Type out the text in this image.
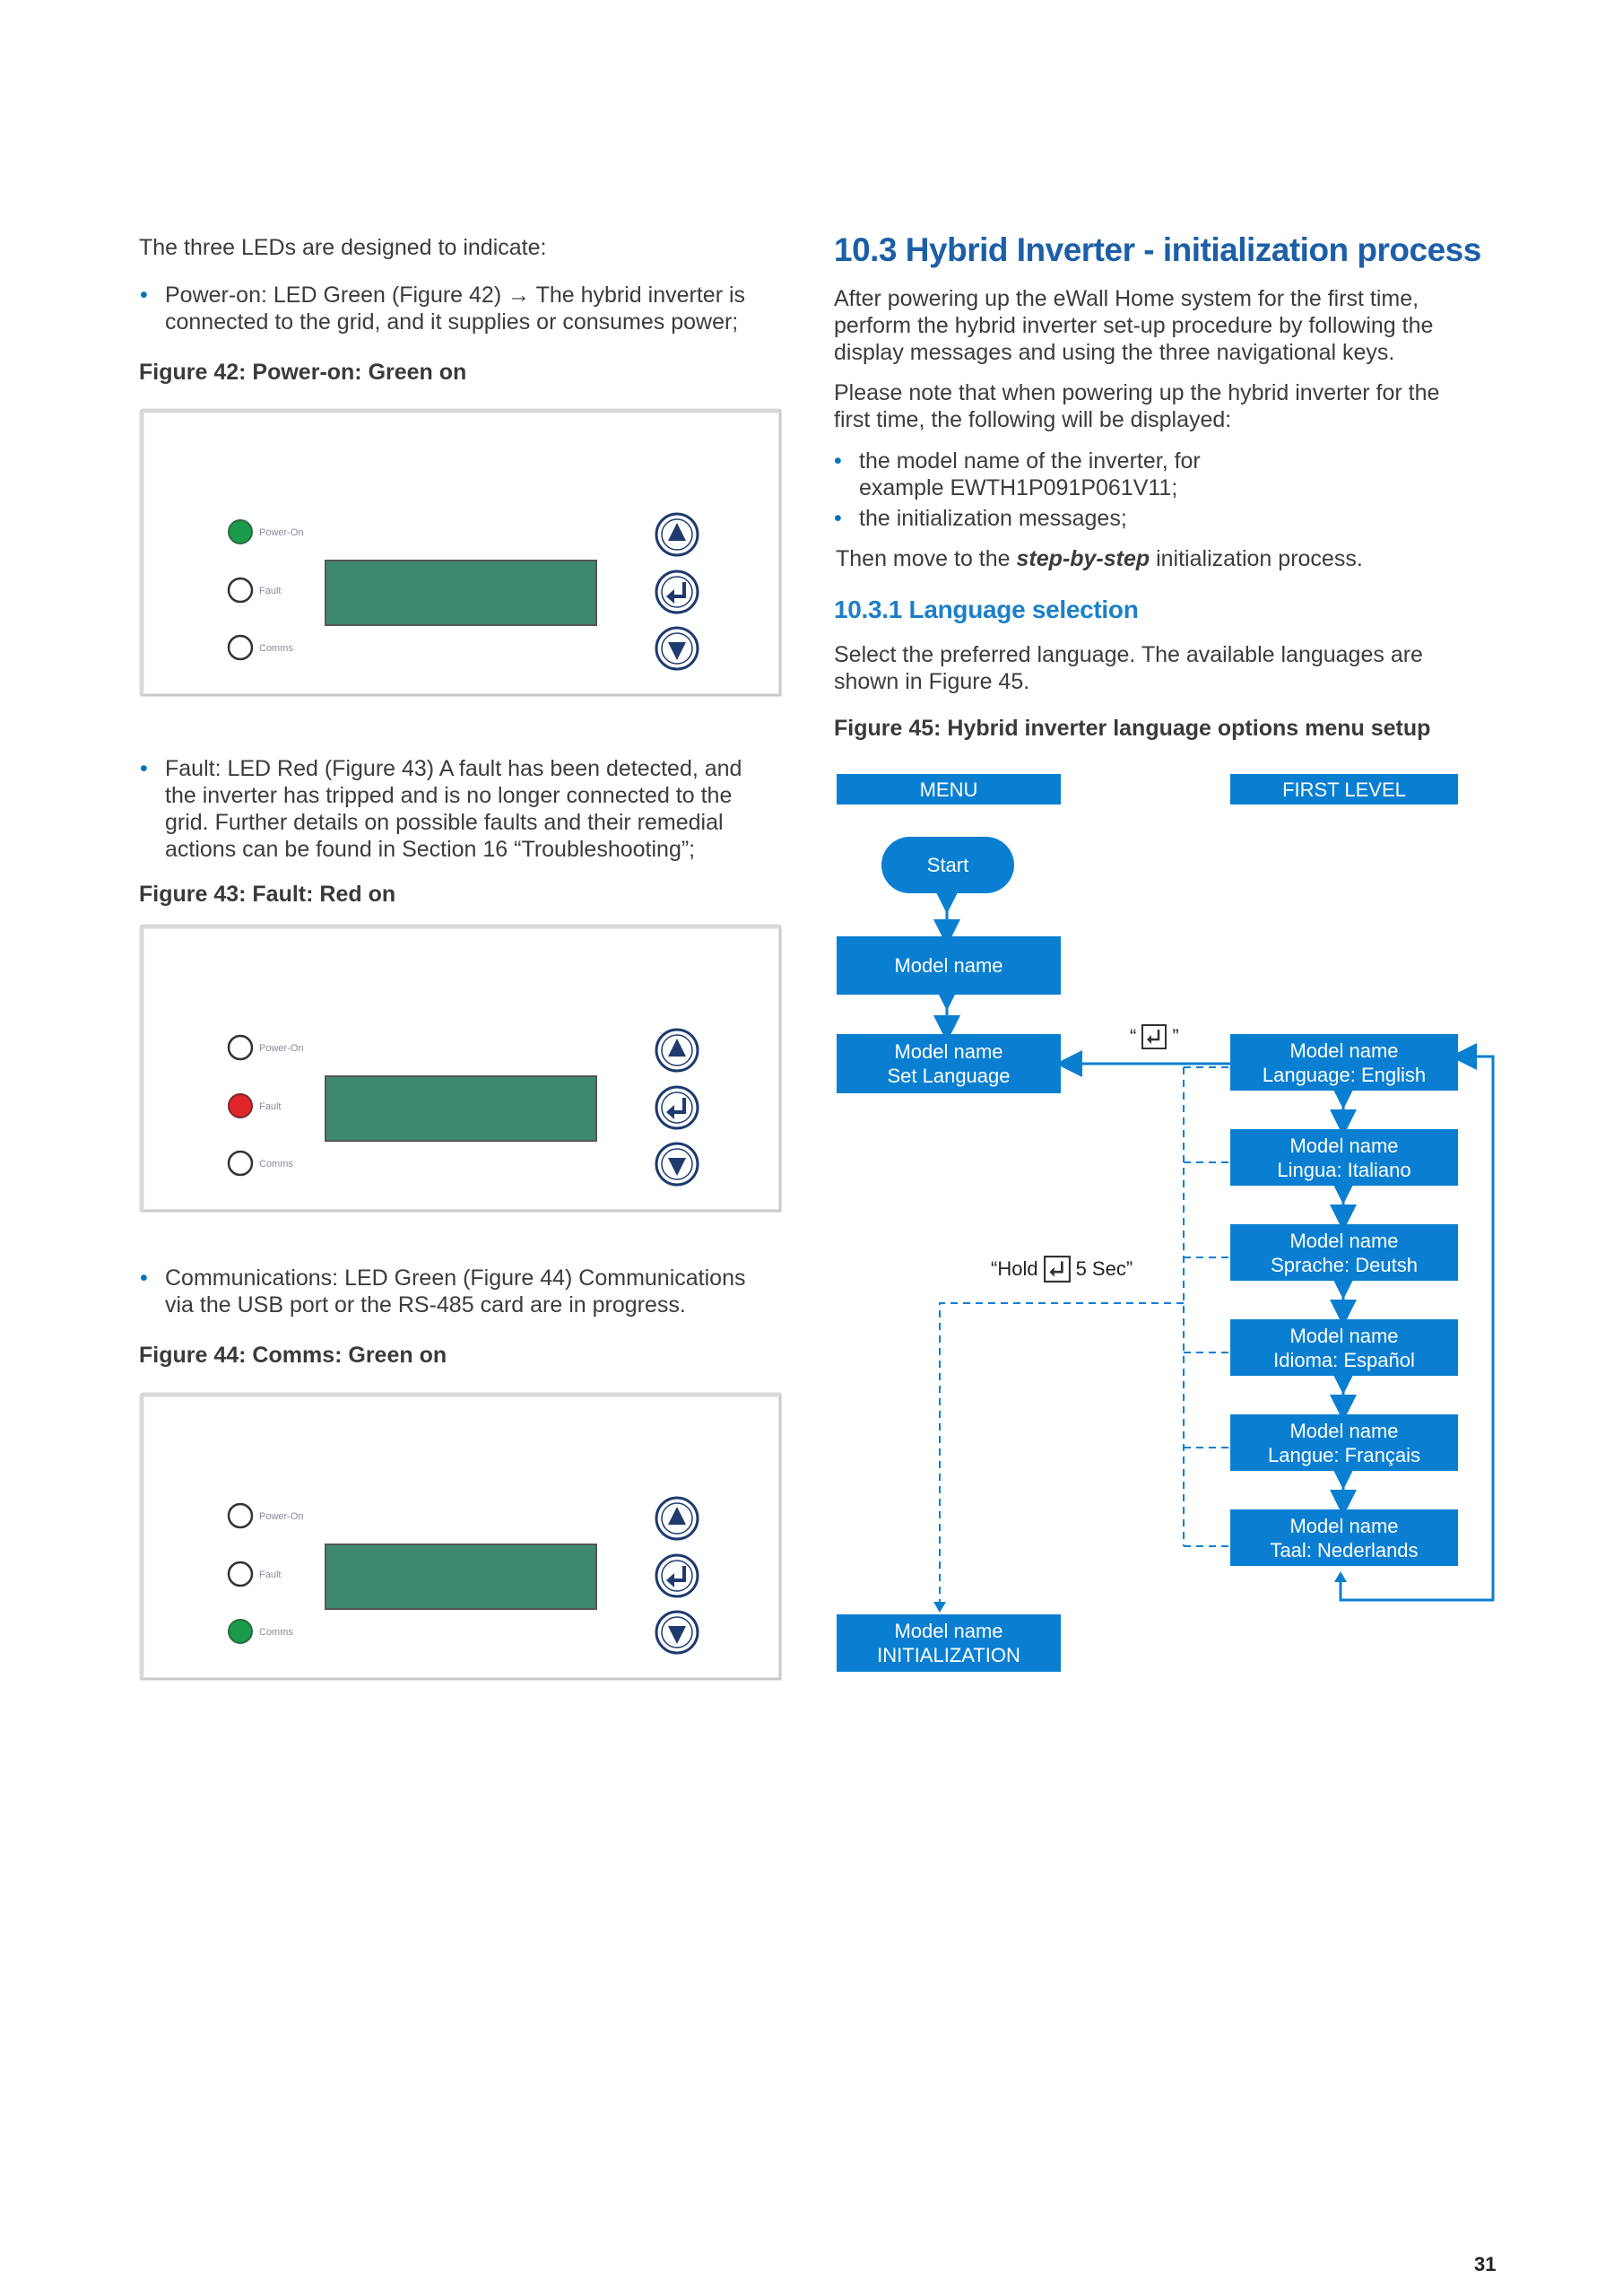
The three LEDs are designed to indicate:
• Power-on: LED Green (Figure 42) → The hybrid inverter is
connected to the grid, and it supplies or consumes power;
Figure 42: Power-on: Green on
Power-On
Fault
Comms
• Fault: LED Red (Figure 43) A fault has been detected, and
the inverter has tripped and is no longer connected to the
grid. Further details on possible faults and their remedial
actions can be found in Section 16 “Troubleshooting”;
Figure 43: Fault: Red on
Power-On
Fault
Comms
• Communications: LED Green (Figure 44) Communications
via the USB port or the RS-485 card are in progress.
Figure 44: Comms: Green on
Power-On
Fault
Comms
10.3 Hybrid Inverter - initialization process
After powering up the eWall Home system for the first time,
perform the hybrid inverter set-up procedure by following the
display messages and using the three navigational keys.
Please note that when powering up the hybrid inverter for the
first time, the following will be displayed:
• the model name of the inverter, for
example EWTH1P091P061V11;
• the initialization messages;
Then move to the step-by-step initialization process.
10.3.1 Language selection
Select the preferred language. The available languages are
shown in Figure 45.
Figure 45: Hybrid inverter language options menu setup
MENU	FIRST LEVEL
Start
Model name
Model name
Set Language
Model name
Language: English
Model name
Lingua: Italiano
Model name
Sprache: Deutsh
Model name
Idioma: Español
Model name
Langue: Français
Model name
Taal: Nederlands
Model name
INITIALIZATION
“ ”
“Hold 5 Sec”
31
